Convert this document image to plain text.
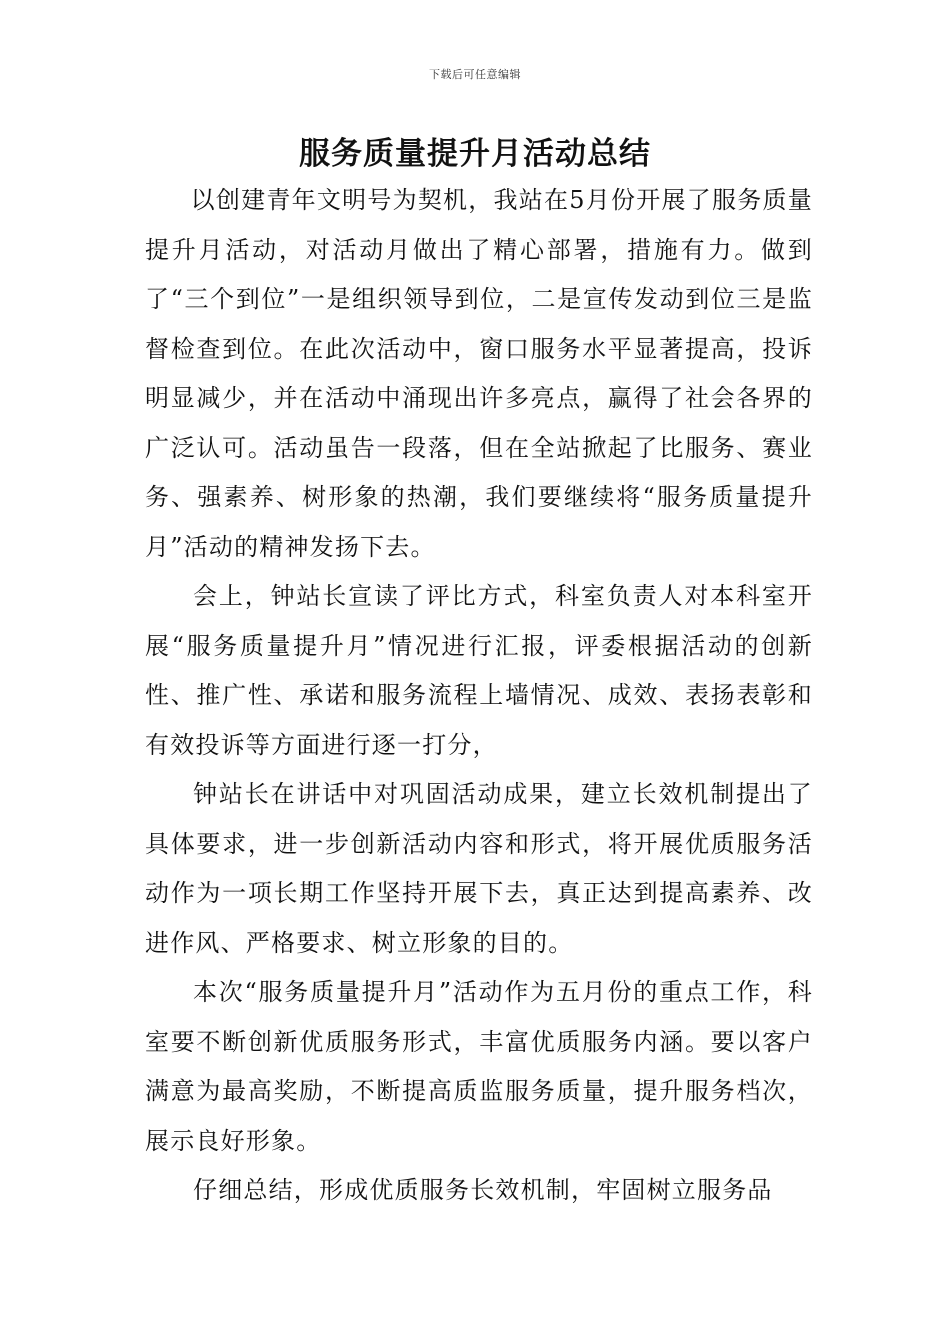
下载后可任意编辑
服务质量提升月活动总结

以创建青年文明号为契机，我站在5月份开展了服务质量提升月活动，对活动月做出了精心部署，措施有力。做到了“三个到位”一是组织领导到位，二是宣传发动到位三是监督检查到位。在此次活动中，窗口服务水平显著提高，投诉明显减少，并在活动中涌现出许多亮点，赢得了社会各界的广泛认可。活动虽告一段落，但在全站掀起了比服务、赛业务、强素养、树形象的热潮，我们要继续将“服务质量提升月”活动的精神发扬下去。

会上，钟站长宣读了评比方式，科室负责人对本科室开展“服务质量提升月”情况进行汇报，评委根据活动的创新性、推广性、承诺和服务流程上墙情况、成效、表扬表彰和有效投诉等方面进行逐一打分，

钟站长在讲话中对巩固活动成果，建立长效机制提出了具体要求，进一步创新活动内容和形式，将开展优质服务活动作为一项长期工作坚持开展下去，真正达到提高素养、改进作风、严格要求、树立形象的目的。

本次“服务质量提升月”活动作为五月份的重点工作，科室要不断创新优质服务形式，丰富优质服务内涵。要以客户满意为最高奖励，不断提高质监服务质量，提升服务档次，展示良好形象。

仔细总结，形成优质服务长效机制，牢固树立服务品
